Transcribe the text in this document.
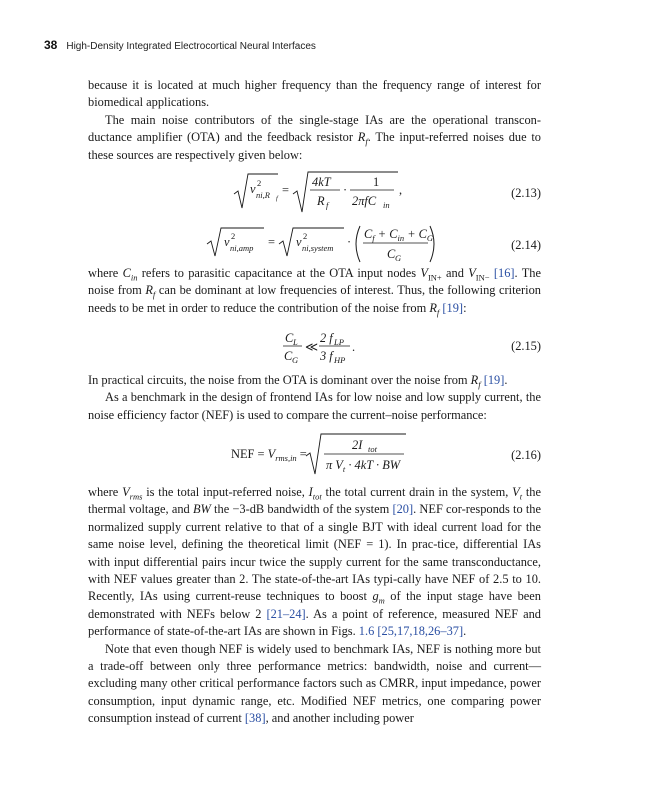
38 High-Density Integrated Electrocortical Neural Interfaces

because it is located at much higher frequency than the frequency range of interest for biomedical applications.

The main noise contributors of the single-stage IAs are the operational transcon-ductance amplifier (OTA) and the feedback resistor $R_f$. The input-referred noises due to these sources are respectively given below:

v 2
ni,R f
=
4kT
R f
·
1
2πfC in
,	(2.13)
v 2
ni,amp = v 2
ni,system ·
$C_f + C_{in} + C_G$
C G
(2.14)

where $C_{in}$ refers to parasitic capacitance at the OTA input nodes $V_{IN+}$ and $V_{IN-}$ [16]. The noise from $R_f$ can be dominant at low frequencies of interest. Thus, the following criterion needs to be met in order to reduce the contribution of the noise from $R_f$ [19]:

C L
C G
≪
2 f LP
3 f HP
.	(2.15)

In practical circuits, the noise from the OTA is dominant over the noise from $R_f$ [19].

As a benchmark in the design of frontend IAs for low noise and low supply current, the noise efficiency factor (NEF) is used to compare the current–noise performance:

NEF = $V_{rms,in}$ =
2I tot
π $V_t \cdot 4kT$ · BW
(2.16)

where $V_{rms}$ is the total input-referred noise, $I_{tot}$ the total current drain in the system, $V_t$ the thermal voltage, and BW the −3-dB bandwidth of the system [20]. NEF cor-responds to the normalized supply current relative to that of a single BJT with ideal current load for the same noise level, defining the theoretical limit (NEF = 1). In prac-tice, differential IAs with input differential pairs incur twice the supply current for the same transconductance, with NEF values greater than 2. The state-of-the-art IAs typi-cally have NEF of 2.5 to 10. Recently, IAs using current-reuse techniques to boost $g_m$ of the input stage have been demonstrated with NEFs below 2 [21–24]. As a point of reference, measured NEF and performance of state-of-the-art IAs are shown in Figs. 1.6 [25,17,18,26–37].

Note that even though NEF is widely used to benchmark IAs, NEF is nothing more but a trade-off between only three performance metrics: bandwidth, noise and current—excluding many other critical performance factors such as CMRR, input impedance, power consumption, input dynamic range, etc. Modified NEF metrics, one comparing power consumption instead of current [38], and another including power
